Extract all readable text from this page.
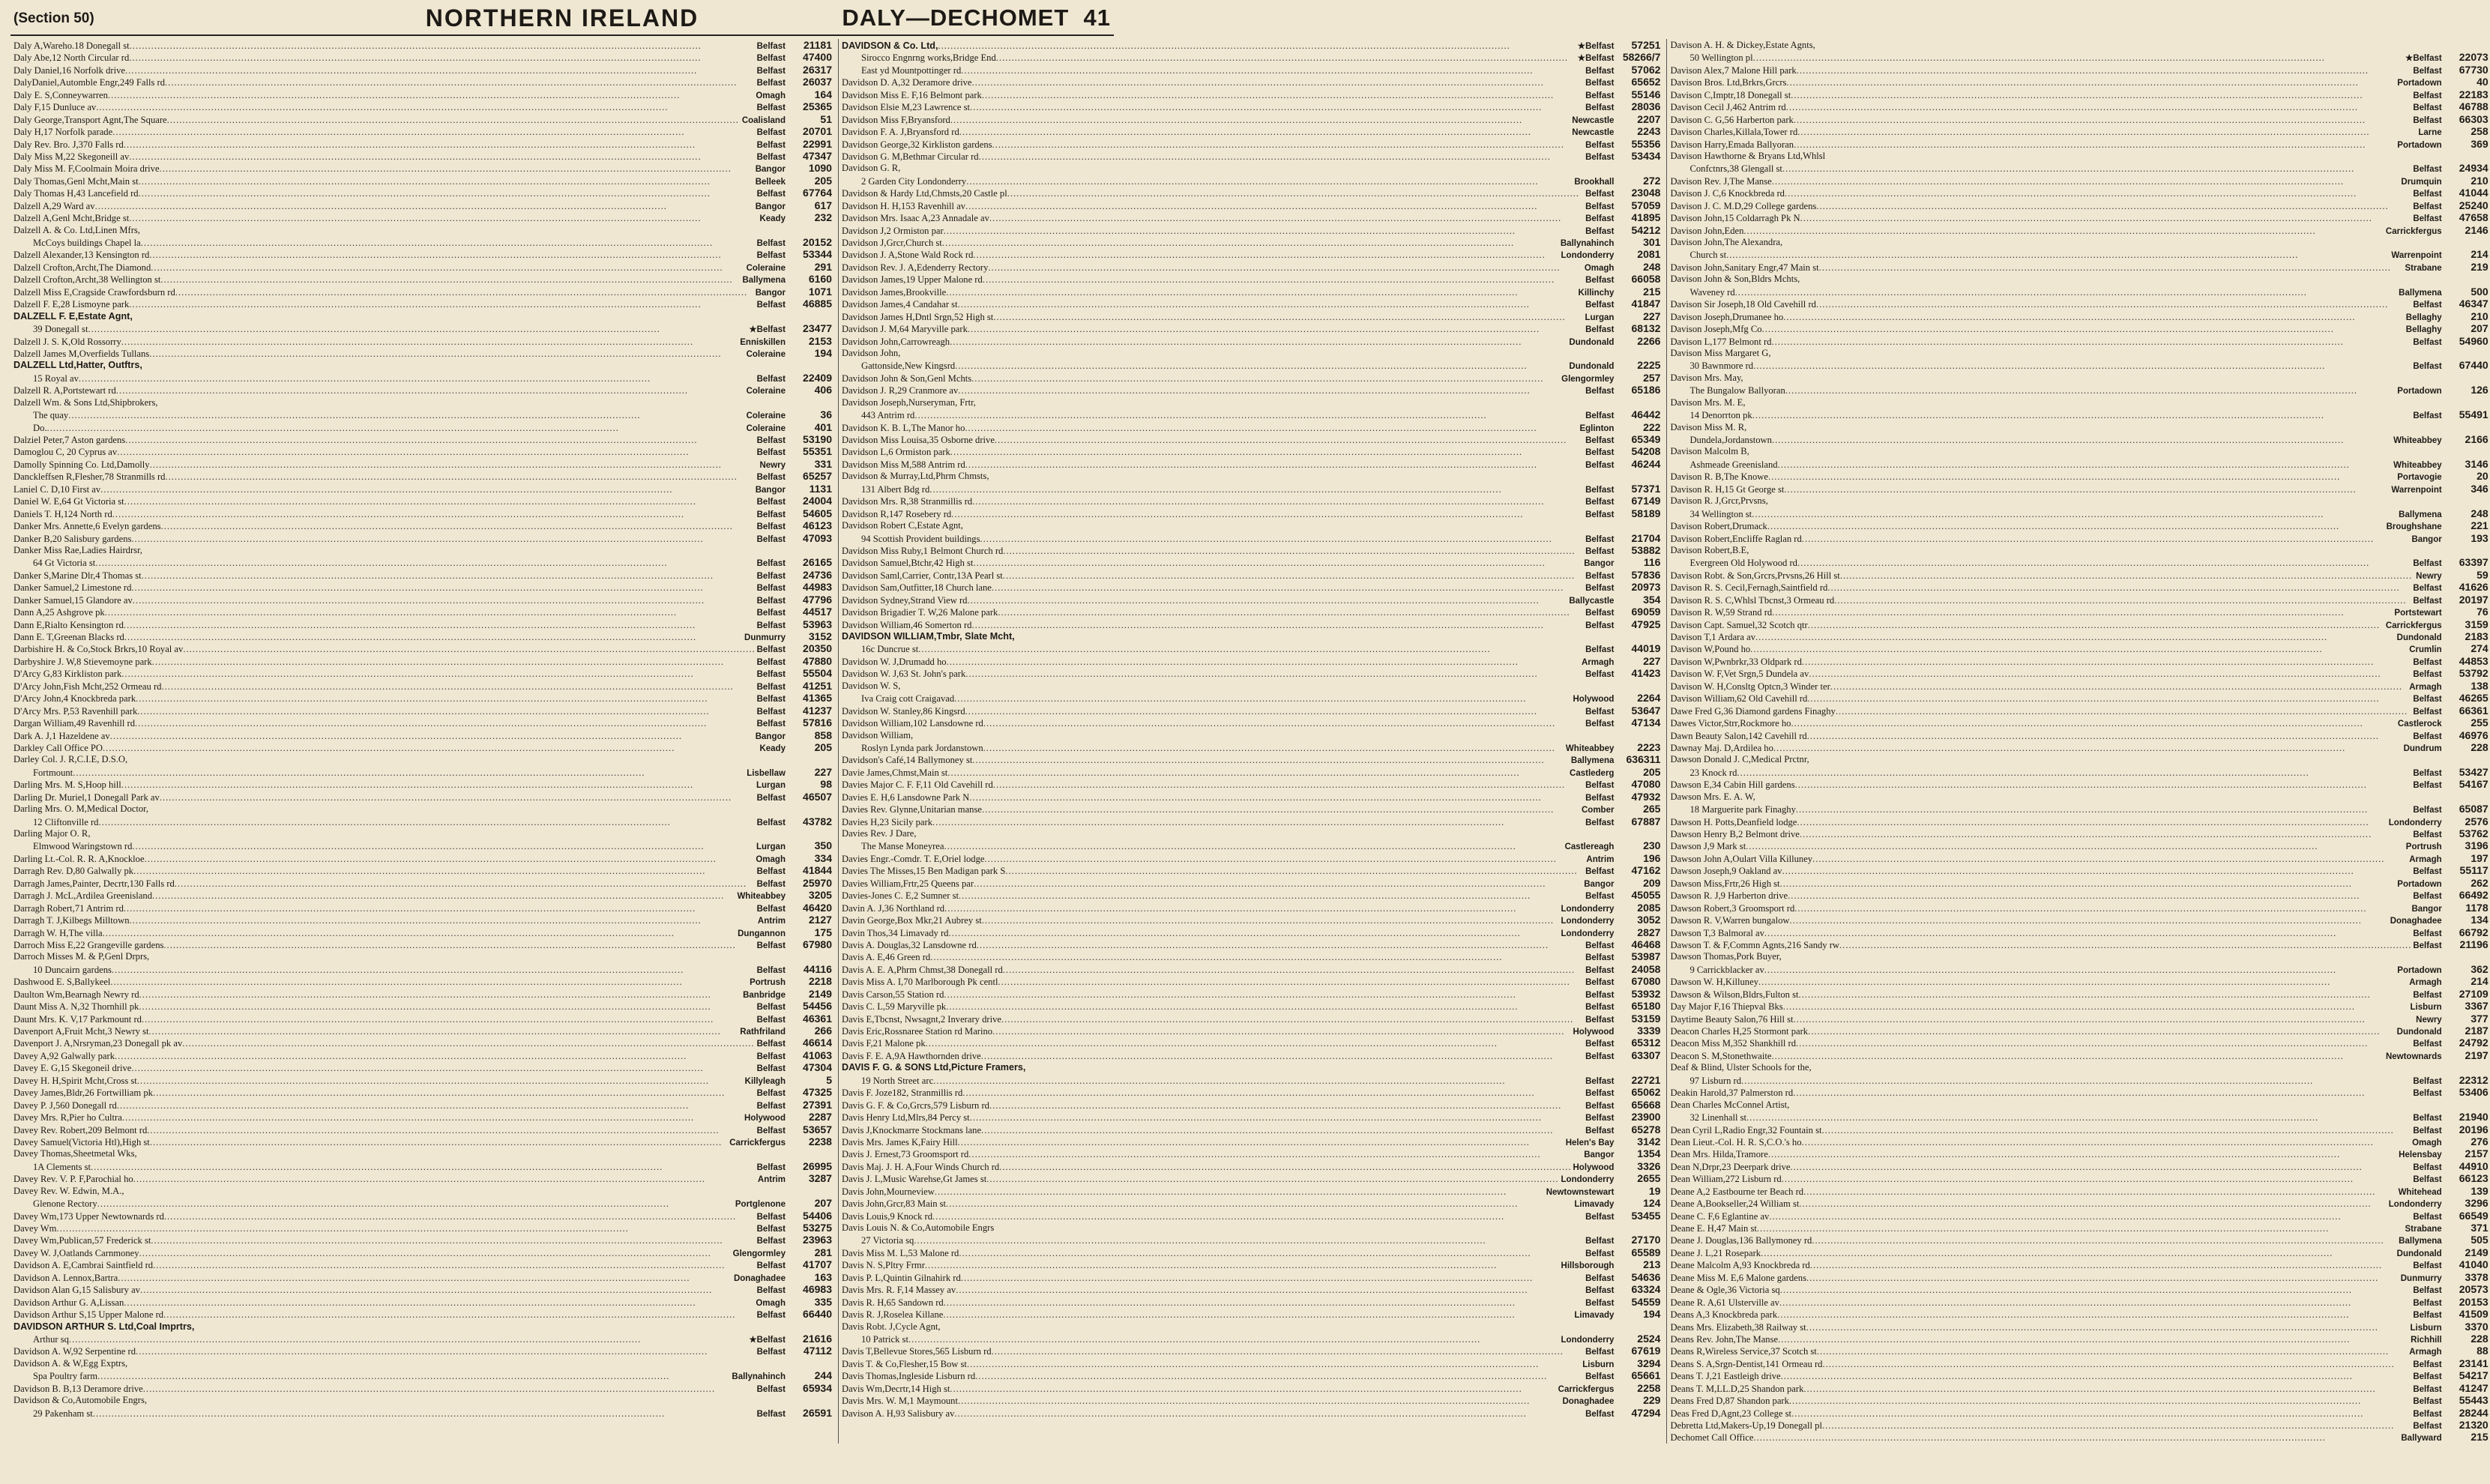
(Section 50)	NORTHERN IRELAND	DALY—DECHOMET 41
Daly A,Wareho.18 Donegall st .....	Belfast	21181
Daly Abe,12 North Circular rd .....	Belfast	47400
Daly Daniel,16 Norfolk drive .....	Belfast	26317
DalyDaniel,Automble Engr,249 Falls rd .....	Belfast	26037
Daly E. S,Conneywarren .....	Omagh	164
Daly F,15 Dunluce av .....	Belfast	25365
Daly George,Transport Agnt,The Square .....	Coalisland	51
Daly H,17 Norfolk parade .....	Belfast	20701
Daly Rev. Bro. J,370 Falls rd .....	Belfast	22991
Daly Miss M,22 Skegoneill av .....	Belfast	47347
Daly Miss M. F,Coolmain Moira drive .....	Bangor	1090
Daly Thomas,Genl Mcht,Main st .....	Belleek	205
Daly Thomas H,43 Lancefield rd .....	Belfast	67764
Dalzell A,29 Ward av .....	Bangor	617
Dalzell A,Genl Mcht,Bridge st .....	Keady	232
Dalzell A. & Co. Ltd,Linen Mfrs,
McCoys buildings Chapel la .....	Belfast	20152
Dalzell Alexander,13 Kensington rd .....	Belfast	53344
Dalzell Crofton,Archt,The Diamond .....	Coleraine	291
Dalzell Crofton,Archt,38 Wellington st .....	Ballymena	6160
Dalzell Miss E,Cragside Crawfordsburn rd .....	Bangor	1071
Dalzell F. E,28 Lismoyne park .....	Belfast	46885
DALZELL F. E,Estate Agnt,
39 Donegall st .....	★Belfast	23477
Dalzell J. S. K,Old Rossorry .....	Enniskillen	2153
Dalzell James M,Overfields Tullans .....	Coleraine	194
DALZELL Ltd,Hatter, Outftrs,
15 Royal av .....	Belfast	22409
Dalzell R. A,Portstewart rd .....	Coleraine	406
Dalzell Wm. & Sons Ltd,Shipbrokers,
The quay .....	Coleraine	36
Do. .....	Coleraine	401
Dalziel Peter,7 Aston gardens .....	Belfast	53190
Damoglou C, 20 Cyprus av .....	Belfast	55351
Damolly Spinning Co. Ltd,Damolly .....	Newry	331
Danckleffsen R,Flesher,78 Stranmills rd .....	Belfast	65257
Laniel C. D,10 First av .....	Bangor	1131
Daniel W. E,64 Gt Victoria st .....	Belfast	24004
Daniels T. H,124 North rd .....	Belfast	54605
Danker Mrs. Annette,6 Evelyn gardens .....	Belfast	46123
Danker B,20 Salisbury gardens .....	Belfast	47093
Danker Miss Rae,Ladies Hairdrsr,
64 Gt Victoria st .....	Belfast	26165
Danker S,Marine Dlr,4 Thomas st .....	Belfast	24736
Danker Samuel,2 Limestone rd .....	Belfast	44983
Danker Samuel,15 Glandore av .....	Belfast	47796
Dann A,25 Ashgrove pk .....	Belfast	44517
Dann E,Rialto Kensington rd .....	Belfast	53963
Dann E. T,Greenan Blacks rd .....	Dunmurry	3152
Darbishire H. & Co,Stock Brkrs,10 Royal av .....	Belfast	20350
Darbyshire J. W,8 Stievemoyne park .....	Belfast	47880
D'Arcy G,83 Kirkliston park .....	Belfast	55504
D'Arcy John,Fish Mcht,252 Ormeau rd .....	Belfast	41251
D'Arcy John,4 Knockbreda park .....	Belfast	41365
D'Arcy Mrs. P,53 Ravenhill park .....	Belfast	41237
Dargan William,49 Ravenhill rd .....	Belfast	57816
Dark A. J,1 Hazeldene av .....	Bangor	858
Darkley Call Office PO .....	Keady	205
Darley Col. J. R,C.I.E, D.S.O,
Fortmount .....	Lisbellaw	227
Darling Mrs. M. S,Hoop hill .....	Lurgan	98
Darling Dr. Muriel,1 Donegall Park av .....	Belfast	46507
Darling Mrs. O. M,Medical Doctor,
12 Cliftonville rd .....	Belfast	43782
Darling Major O. R,
Elmwood Waringstown rd .....	Lurgan	350
Darling Lt.-Col. R. R. A,Knockloe .....	Omagh	334
Darragh Rev. D,80 Galwally pk .....	Belfast	41844
Darragh James,Painter, Decrtr,130 Falls rd .....	Belfast	25970
Darragh J. McL,Ardilea Greenisland .....	Whiteabbey	3205
Darragh Robert,71 Antrim rd .....	Belfast	46420
Darragh T. J,Kilbegs Milltown .....	Antrim	2127
Darragh W. H,The villa .....	Dungannon	175
Darroch Miss E,22 Grangeville gardens .....	Belfast	67980
Darroch Misses M. & P,Genl Drprs,
10 Duncairn gardens .....	Belfast	44116
Dashwood E. S,Ballykeel .....	Portrush	2218
Daulton Wm,Bearnagh Newry rd .....	Banbridge	2149
Daunt Miss A. N,32 Thornhill pk .....	Belfast	54456
Daunt Mrs. K. V,17 Parkmount rd .....	Belfast	46361
Davenport A,Fruit Mcht,3 Newry st .....	Rathfriland	266
Davenport J. A,Nrsryman,23 Donegall pk av .....	Belfast	46614
Davey A,92 Galwally park .....	Belfast	41063
Davey E. G,15 Skegoneil drive .....	Belfast	47304
Davey H. H,Spirit Mcht,Cross st .....	Killyleagh	5
Davey James,Bldr,26 Fortwilliam pk .....	Belfast	47325
Davey P. J,560 Donegall rd .....	Belfast	27391
Davey Mrs. R,Pier ho Cultra .....	Holywood	2287
Davey Rev. Robert,209 Belmont rd .....	Belfast	53657
Davey Samuel(Victoria Htl),High st .....	Carrickfergus	2238
Davey Thomas,Sheetmetal Wks,
1A Clements st .....	Belfast	26995
Davey Rev. V. P. F,Parochial ho .....	Antrim	3287
Davey Rev. W. Edwin, M.A.,
Glenone Rectory .....	Portglenone	207
Davey Wm,173 Upper Newtownards rd .....	Belfast	54406
Davey Wm .....	Belfast	53275
Davey Wm,Publican,57 Frederick st .....	Belfast	23963
Davey W. J,Oatlands Carnmoney .....	Glengormley	281
Davidson A. E,Cambrai Saintfield rd .....	Belfast	41707
Davidson A. Lennox,Bartra .....	Donaghadee	163
Davidson Alan G,15 Salisbury av .....	Belfast	46983
Davidson Arthur G. A,Lissan .....	Omagh	335
Davidson Arthur S,15 Upper Malone rd .....	Belfast	66440
DAVIDSON ARTHUR S. Ltd,Coal Imprtrs,
Arthur sq .....	★Belfast	21616
Davidson A. W,92 Serpentine rd .....	Belfast	47112
Davidson A. & W,Egg Exptrs,
Spa Poultry farm .....	Ballynahinch	244
Davidson B. B,13 Deramore drive .....	Belfast	65934
Davidson & Co,Automobile Engrs,
29 Pakenham st .....	Belfast	26591
DAVIDSON & Co. Ltd, .....	★Belfast	57251
Sirocco Engnrng works,Bridge End .....	★Belfast 58266/7
East yd Mountpottinger rd .....	Belfast	57062
Davidson D. A,32 Deramore drive .....	Belfast	65652
Davidson Miss E. F,16 Belmont park .....	Belfast	55146
Davidson Elsie M,23 Lawrence st .....	Belfast	28036
Davidson Miss F,Bryansford .....	Newcastle	2207
Davidson F. A. J,Bryansford rd .....	Newcastle	2243
Davidson George,32 Kirkliston gardens .....	Belfast	55356
Davidson G. M,Bethmar Circular rd .....	Belfast	53434
Davidson G. R,
2 Garden City Londonderry .....	Brookhall	272
Davidson & Hardy Ltd,Chmsts,20 Castle pl .....	Belfast	23048
Davidson H. H,153 Ravenhill av .....	Belfast	57059
Davidson Mrs. Isaac A,23 Annadale av .....	Belfast	41895
Davidson J,2 Ormiston par .....	Belfast	54212
Davidson J,Grcr,Church st .....	Ballynahinch	301
Davidson J. A,Stone Wald Rock rd .....	Londonderry	2081
Davidson Rev. J. A,Edenderry Rectory .....	Omagh	248
Davidson James,19 Upper Malone rd .....	Belfast	66058
Davidson James,Brookville .....	Killinchy	215
Davidson James,4 Candahar st .....	Belfast	41847
Davidson James H,Dntl Srgn,52 High st .....	Lurgan	227
Davidson J. M,64 Maryville park .....	Belfast	68132
Davidson John,Carrowreagh .....	Dundonald	2266
Davidson John,
Gattonside,New Kingsrd .....	Dundonald	2225
Davidson John & Son,Genl Mchts .....	Glengormley	257
Davidson J. R,29 Cranmore av .....	Belfast	65186
Davidson Joseph,Nurseryman, Frtr,
443 Antrim rd .....	Belfast	46442
Davidson K. B. L,The Manor ho .....	Eglinton	222
Davidson Miss Louisa,35 Osborne drive .....	Belfast	65349
Davidson L,6 Ormiston park .....	Belfast	54208
Davidson Miss M,588 Antrim rd .....	Belfast	46244
Davidson & Murray,Ltd,Phrm Chmsts,
131 Albert Bdg rd .....	Belfast	57371
Davidson Mrs. R,38 Stranmillis rd .....	Belfast	67149
Davidson R,147 Rosebery rd .....	Belfast	58189
Davidson Robert C,Estate Agnt,
94 Scottish Provident buildings .....	Belfast	21704
Davidson Miss Ruby,1 Belmont Church rd .....	Belfast	53882
Davidson Samuel,Btchr,42 High st .....	Bangor	116
Davidson Saml,Carrier, Contr,13A Pearl st .....	Belfast	57836
Davidson Sam,Outfitter,18 Church lane .....	Belfast	20973
Davidson Sydney,Strand View rd .....	Ballycastle	354
Davidson Brigadier T. W,26 Malone park .....	Belfast	69059
Davidson William,46 Somerton rd .....	Belfast	47925
DAVIDSON WILLIAM,Tmbr, Slate Mcht,
16c Duncrue st .....	Belfast	44019
Davidson W. J,Drumadd ho .....	Armagh	227
Davidson W. J,63 St. John's park .....	Belfast	41423
Davidson W. S,
Iva Craig cott Craigavad .....	Holywood	2264
Davidson W. Stanley,86 Kingsrd .....	Belfast	53647
Davidson William,102 Lansdowne rd .....	Belfast	47134
Davidson William,
Roslyn Lynda park Jordanstown .....	Whiteabbey	2223
Davidson's Café,14 Ballymoney st .....	Ballymena	636311
Davie James,Chmst,Main st .....	Castlederg	205
Davies Major C. F. F,11 Old Cavehill rd .....	Belfast	47080
Davies E. H,6 Lansdowne Park N .....	Belfast	47932
Davies Rev. Glynne,Unitarian manse .....	Comber	265
Davies H,23 Sicily park .....	Belfast	67887
Davies Rev. J Dare,
The Manse Moneyrea .....	Castlereagh	230
Davies Engr.-Comdr. T. E,Oriel lodge .....	Antrim	196
Davies The Misses,15 Ben Madigan park S .....	Belfast	47162
Davies William,Frtr,25 Queens par .....	Bangor	209
Davies-Jones C. E,2 Sumner st .....	Belfast	45055
Davin A. J,36 Northland rd .....	Londonderry	2085
Davin George,Box Mkr,21 Aubrey st .....	Londonderry	3052
Davin Thos,34 Limavady rd .....	Londonderry	2827
Davis A. Douglas,32 Lansdowne rd .....	Belfast	46468
Davis A. E,46 Green rd .....	Belfast	53987
Davis A. E. A,Phrm Chmst,38 Donegall rd .....	Belfast	24058
Davis Miss A. I,70 Marlborough Pk centl .....	Belfast	67080
Davis Carson,55 Station rd .....	Belfast	53932
Davis C. L,59 Maryville pk .....	Belfast	65180
Davis E,Tbcnst, Nwsagnt,2 Inverary drive .....	Belfast	53159
Davis Eric,Rossnaree Station rd Marino .....	Holywood	3339
Davis F,21 Malone pk .....	Belfast	65312
Davis F. E. A,9A Hawthornden drive .....	Belfast	63307
DAVIS F. G. & SONS Ltd,Picture Framers,
19 North Street arc .....	Belfast	22721
Davis F. Joze182, Stranmillis rd .....	Belfast	65062
Davis G. F. & Co,Grcrs,579 Lisburn rd .....	Belfast	65668
Davis Henry Ltd,Mlrs,84 Percy st .....	Belfast	23900
Davis J,Knockmarre Stockmans lane .....	Belfast	65278
Davis Mrs. James K,Fairy Hill .....	Helen's Bay	3142
Davis J. Ernest,73 Groomsport rd .....	Bangor	1354
Davis Maj. J. H. A,Four Winds Church rd .....	Holywood	3326
Davis J. L,Music Warehse,Gt James st .....	Londonderry	2655
Davis John,Mourneview .....	Newtownstewart	19
Davis John,Grcr,83 Main st .....	Limavady	124
Davis Louis,9 Knock rd .....	Belfast	53455
Davis Louis N. & Co,Automobile Engrs
27 Victoria sq .....	Belfast	27170
Davis Miss M. L,53 Malone rd .....	Belfast	65589
Davis N. S,Pltry Frmr .....	Hillsborough	213
Davis P. L,Quintin Gilnahirk rd .....	Belfast	54636
Davis Mrs. R. F,14 Massey av .....	Belfast	63324
Davis R. H,65 Sandown rd .....	Belfast	54559
Davis R. J,Roselea Killane .....	Limavady	194
Davis Robt. J,Cycle Agnt,
10 Patrick st .....	Londonderry	2524
Davis T,Bellevue Stores,565 Lisburn rd .....	Belfast	67619
Davis T. & Co,Flesher,15 Bow st .....	Lisburn	3294
Davis Thomas,Ingleside Lisburn rd .....	Belfast	65661
Davis Wm,Decrtr,14 High st .....	Carrickfergus	2258
Davis Mrs. W. M,1 Maymount .....	Donaghadee	229
Davison A. H,93 Salisbury av .....	Belfast	47294
Davison A. H. & Dickey,Estate Agnts,
50 Wellington pl .....	★Belfast	22073
Davison Alex,7 Malone Hill park .....	Belfast	67730
Davison Bros. Ltd,Brkrs,Grcrs .....	Portadown	40
Davison C,Imptr,18 Donegall st .....	Belfast	22183
Davison Cecil J,462 Antrim rd .....	Belfast	46788
Davison C. G,56 Harberton park .....	Belfast	66303
Davison Charles,Killala,Tower rd .....	Larne	258
Davison Harry,Emada Ballyoran .....	Portadown	369
Davison Hawthorne & Bryans Ltd,Whlsl
Confctnrs,38 Glengall st .....	Belfast	24934
Davison Rev. J,The Manse .....	Drumquin	210
Davison J. C,6 Knockbreda rd .....	Belfast	41044
Davison J. C. M.D,29 College gardens .....	Belfast	25240
Davison John,15 Coldarragh Pk N .....	Belfast	47658
Davison John,Eden .....	Carrickfergus	2146
Davison John,The Alexandra,
Church st .....	Warrenpoint	214
Davison John,Sanitary Engr,47 Main st .....	Strabane	219
Davison John & Son,Bldrs Mchts,
Waveney rd .....	Ballymena	500
Davison Sir Joseph,18 Old Cavehill rd .....	Belfast	46347
Davison Joseph,Drumanee ho .....	Bellaghy	210
Davison Joseph,Mfg Co .....	Bellaghy	207
Davison L,177 Belmont rd .....	Belfast	54960
Davison Miss Margaret G,
30 Bawnmore rd .....	Belfast	67440
Davison Mrs. May,
The Bungalow Ballyoran .....	Portadown	126
Davison Mrs. M. E,
14 Denorrton pk .....	Belfast	55491
Davison Miss M. R,
Dundela,Jordanstown .....	Whiteabbey	2166
Davison Malcolm B,
Ashmeade Greenisland .....	Whiteabbey	3146
Davison R. B,The Knowe .....	Portavogie	20
Davison R. H,15 Gt George st .....	Warrenpoint	346
Davison R. J,Grcr,Prvsns,
34 Wellington st .....	Ballymena	248
Davison Robert,Drumack .....	Broughshane	221
Davison Robert,Encliffe Raglan rd .....	Bangor	193
Davison Robert,B.E,
Evergreen Old Holywood rd .....	Belfast	63397
Davison Robt. & Son,Grcrs,Prvsns,26 Hill st .....	Newry	59
Davison R. S. Cecil,Fernagh,Saintfield rd .....	Belfast	41626
Davison R. S. C,Whlsl Tbcnst,3 Ormeau rd .....	Belfast	20197
Davison R. W,59 Strand rd .....	Portstewart	76
Davison Capt. Samuel,32 Scotch qtr .....	Carrickfergus	3159
Davison T,1 Ardara av .....	Dundonald	2183
Davison W,Pound ho .....	Crumlin	274
Davison W,Pwnbrkr,33 Oldpark rd .....	Belfast	44853
Davison W. F,Vet Srgn,5 Dundela av .....	Belfast	53792
Davison W. H,Consltg Optcn,3 Winder ter .....	Armagh	138
Davison William,62 Old Cavehill rd .....	Belfast	46265
Dawe Fred G,36 Diamond gardens Finaghy .....	Belfast	66361
Dawes Victor,Strr,Rockmore ho .....	Castlerock	255
Dawn Beauty Salon,142 Cavehill rd .....	Belfast	46976
Dawnay Maj. D,Ardilea ho .....	Dundrum	228
Dawson Donald J. C,Medical Prctnr,
23 Knock rd .....	Belfast	53427
Dawson E,34 Cabin Hill gardens .....	Belfast	54167
Dawson Mrs. E. A. W,
18 Marguerite park Finaghy .....	Belfast	65087
Dawson H. Potts,Deanfield lodge .....	Londonderry	2576
Dawson Henry B,2 Belmont drive .....	Belfast	53762
Dawson J,9 Mark st .....	Portrush	3196
Dawson John A,Oulart Villa Killuney .....	Armagh	197
Dawson Joseph,9 Oakland av .....	Belfast	55117
Dawson Miss,Frtr,26 High st .....	Portadown	262
Dawson R. J,9 Harberton drive .....	Belfast	66492
Dawson Robert,3 Groomsport rd .....	Bangor	1178
Dawson R. V,Warren bungalow .....	Donaghadee	134
Dawson T,3 Balmoral av .....	Belfast	66792
Dawson T. & F,Commn Agnts,216 Sandy rw .....	Belfast	21196
Dawson Thomas,Pork Buyer,
9 Carrickblacker av .....	Portadown	362
Dawson W. H,Killuney .....	Armagh	214
Dawson & Wilson,Bldrs,Fulton st .....	Belfast	27109
Day Major F,16 Thiepval Bks .....	Lisburn	3367
Daytime Beauty Salon,76 Hill st .....	Newry	377
Deacon Charles H,25 Stormont park .....	Dundonald	2187
Deacon Miss M,352 Shankhill rd .....	Belfast	24792
Deacon S. M,Stonethwaite .....	Newtownards	2197
Deaf & Blind, Ulster Schools for the,
97 Lisburn rd .....	Belfast	22312
Deakin Harold,37 Palmerston rd .....	Belfast	53406
Dean Charles McConnel Artist,
32 Linenhall st .....	Belfast	21940
Dean Cyril L,Radio Engr,32 Fountain st .....	Belfast	20196
Dean Lieut.-Col. H. R. S,C.O.'s ho .....	Omagh	276
Dean Mrs. Hilda,Tramore .....	Helensbay	2157
Dean N,Drpr,23 Deerpark drive .....	Belfast	44910
Dean William,272 Lisburn rd .....	Belfast	66123
Deane A,2 Eastbourne ter Beach rd .....	Whitehead	139
Deane A,Bookseller,24 William st .....	Londonderry	3296
Deane C. F,6 Eglantine av .....	Belfast	66549
Deane E. H,47 Main st .....	Strabane	371
Deane J. Douglas,136 Ballymoney rd .....	Ballymena	505
Deane J. L,21 Rosepark .....	Dundonald	2149
Deane Malcolm A,93 Knockbreda rd .....	Belfast	41040
Deane Miss M. E,6 Malone gardens .....	Dunmurry	3378
Deane & Ogle,36 Victoria sq .....	Belfast	20573
Deane R. A,61 Ulsterville av .....	Belfast	20153
Deans A,3 Knockbreda park .....	Belfast	41509
Deans Mrs. Elizabeth,38 Railway st .....	Lisburn	3370
Deans Rev. John,The Manse .....	Richhill	228
Deans R,Wireless Service,37 Scotch st .....	Armagh	88
Deans S. A,Srgn-Dentist,141 Ormeau rd .....	Belfast	23141
Deans T. J,21 Eastleigh drive .....	Belfast	54217
Deans T. M,LL.D,25 Shandon park .....	Belfast	41247
Deans Fred D,87 Shandon park .....	Belfast	55443
Deas Fred D,Agnt,23 College st .....	Belfast	28244
Debretta Ltd,Makers-Up,19 Donegall pl .....	Belfast	21320
Dechomet Call Office .....	Ballyward	215
